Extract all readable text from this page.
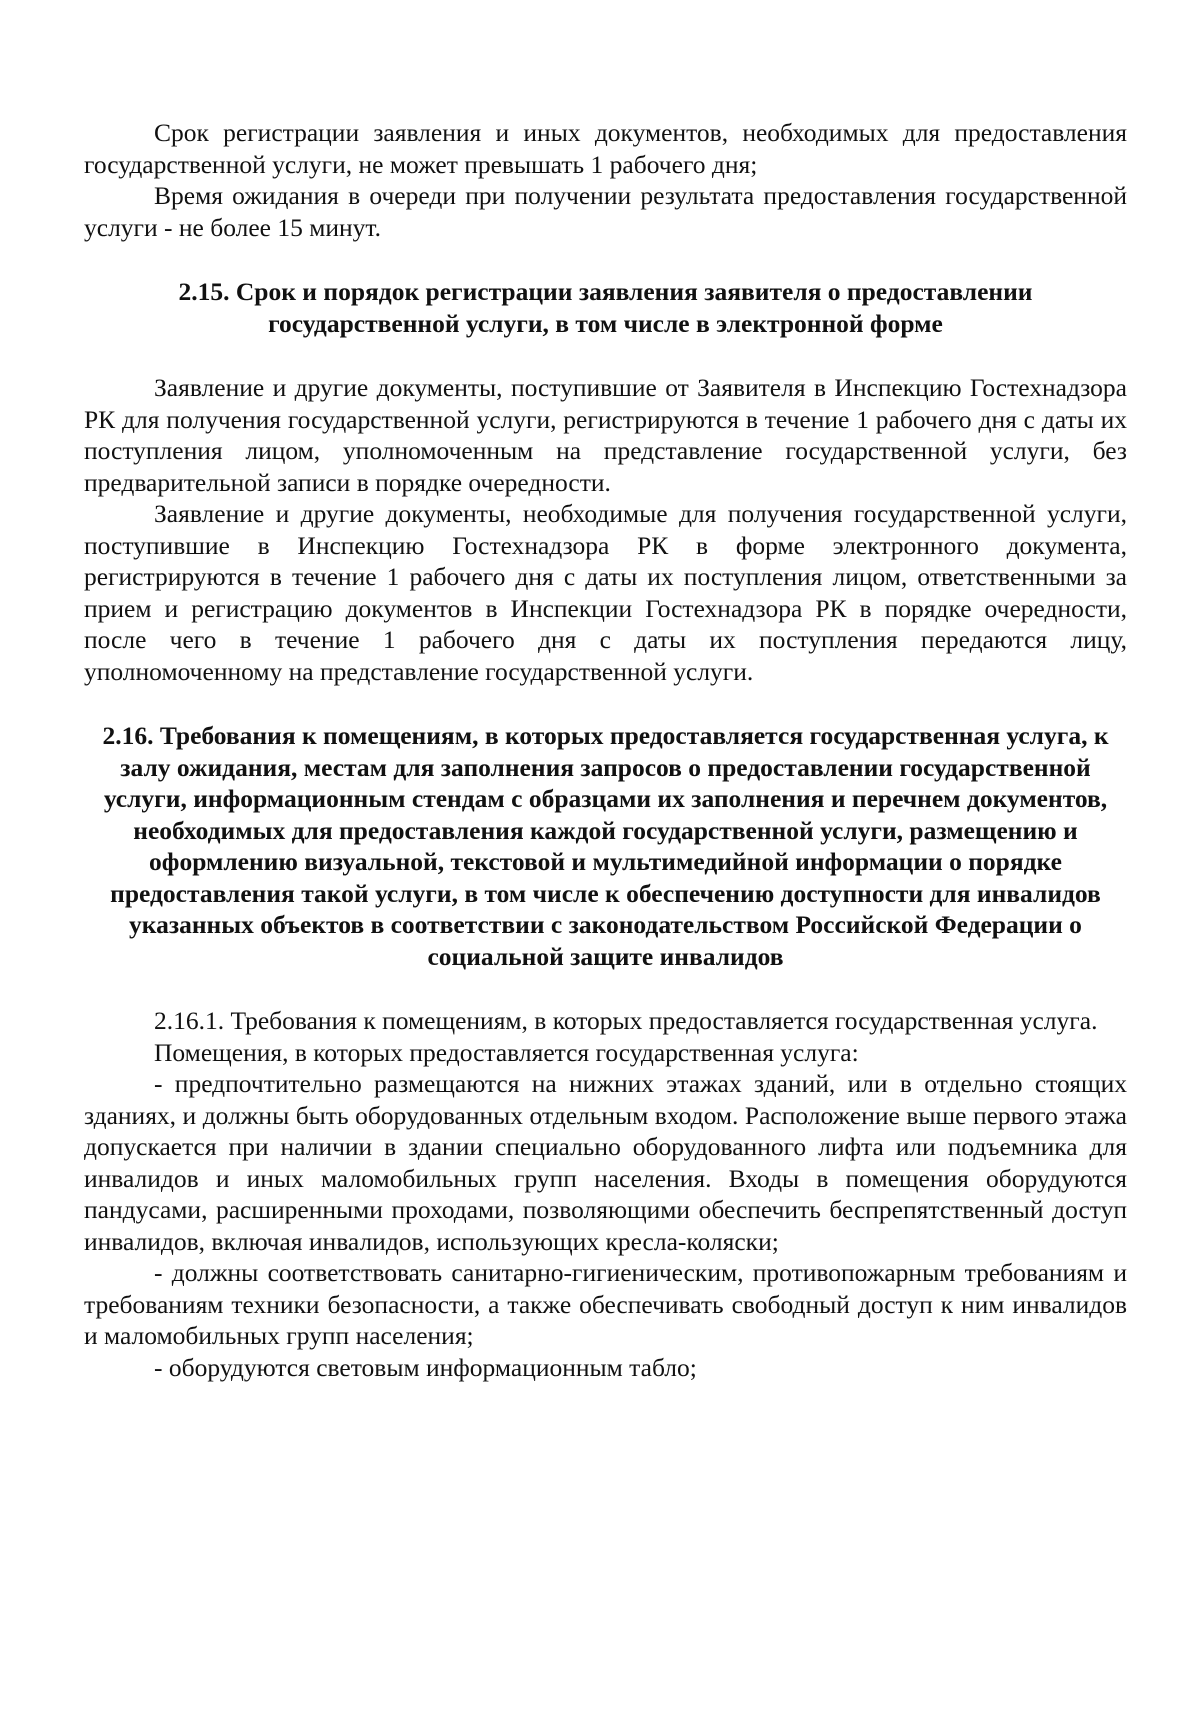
Срок регистрации заявления и иных документов, необходимых для предоставления государственной услуги, не может превышать 1 рабочего дня;

Время ожидания в очереди при получении результата предоставления государственной услуги - не более 15 минут.

2.15. Срок и порядок регистрации заявления заявителя о предоставлении государственной услуги, в том числе в электронной форме

Заявление и другие документы, поступившие от Заявителя в Инспекцию Гостехнадзора РК для получения государственной услуги, регистрируются в течение 1 рабочего дня с даты их поступления лицом, уполномоченным на представление государственной услуги, без предварительной записи в порядке очередности.

Заявление и другие документы, необходимые для получения государственной услуги, поступившие в Инспекцию Гостехнадзора РК в форме электронного документа, регистрируются в течение 1 рабочего дня с даты их поступления лицом, ответственными за прием и регистрацию документов в Инспекции Гостехнадзора РК в порядке очередности, после чего в течение 1 рабочего дня с даты их поступления передаются лицу, уполномоченному на представление государственной услуги.

2.16. Требования к помещениям, в которых предоставляется государственная услуга, к залу ожидания, местам для заполнения запросов о предоставлении государственной услуги, информационным стендам с образцами их заполнения и перечнем документов, необходимых для предоставления каждой государственной услуги, размещению и оформлению визуальной, текстовой и мультимедийной информации о порядке предоставления такой услуги, в том числе к обеспечению доступности для инвалидов указанных объектов в соответствии с законодательством Российской Федерации о социальной защите инвалидов

2.16.1. Требования к помещениям, в которых предоставляется государственная услуга.

Помещения, в которых предоставляется государственная услуга:

- предпочтительно размещаются на нижних этажах зданий, или в отдельно стоящих зданиях, и должны быть оборудованных отдельным входом. Расположение выше первого этажа допускается при наличии в здании специально оборудованного лифта или подъемника для инвалидов и иных маломобильных групп населения. Входы в помещения оборудуются пандусами, расширенными проходами, позволяющими обеспечить беспрепятственный доступ инвалидов, включая инвалидов, использующих кресла-коляски;

- должны соответствовать санитарно-гигиеническим, противопожарным требованиям и требованиям техники безопасности, а также обеспечивать свободный доступ к ним инвалидов и маломобильных групп населения;

- оборудуются световым информационным табло;
